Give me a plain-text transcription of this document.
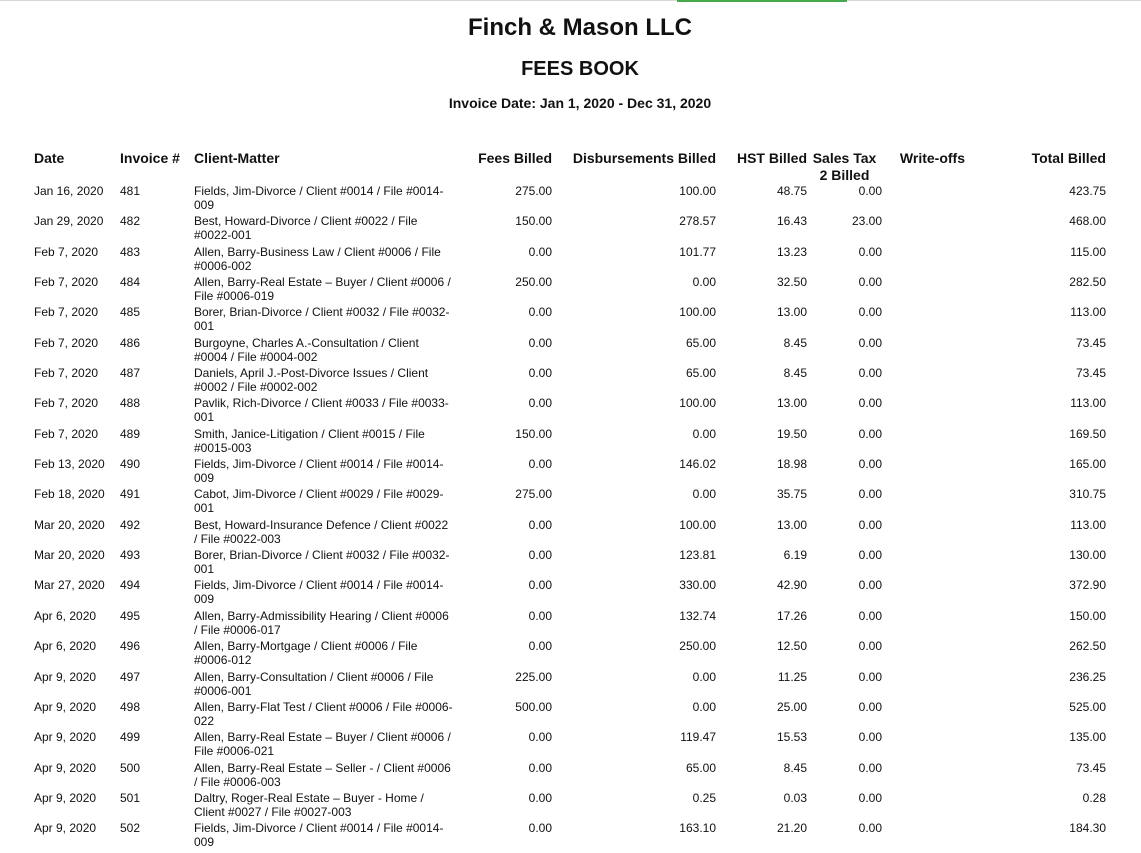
Finch & Mason LLC
FEES BOOK
Invoice Date: Jan 1, 2020 - Dec 31, 2020
Date	Invoice #	Client-Matter	Fees Billed	Disbursements Billed	HST Billed	Sales Tax 2 Billed	Write-offs	Total Billed
Jan 16, 2020	481	Fields, Jim-Divorce / Client #0014 / File #0014-009	275.00	100.00	48.75	0.00		423.75
Jan 29, 2020	482	Best, Howard-Divorce / Client #0022 / File #0022-001	150.00	278.57	16.43	23.00		468.00
Feb 7, 2020	483	Allen, Barry-Business Law / Client #0006 / File #0006-002	0.00	101.77	13.23	0.00		115.00
Feb 7, 2020	484	Allen, Barry-Real Estate – Buyer / Client #0006 / File #0006-019	250.00	0.00	32.50	0.00		282.50
Feb 7, 2020	485	Borer, Brian-Divorce / Client #0032 / File #0032-001	0.00	100.00	13.00	0.00		113.00
Feb 7, 2020	486	Burgoyne, Charles A.-Consultation / Client #0004 / File #0004-002	0.00	65.00	8.45	0.00		73.45
Feb 7, 2020	487	Daniels, April J.-Post-Divorce Issues / Client #0002 / File #0002-002	0.00	65.00	8.45	0.00		73.45
Feb 7, 2020	488	Pavlik, Rich-Divorce / Client #0033 / File #0033-001	0.00	100.00	13.00	0.00		113.00
Feb 7, 2020	489	Smith, Janice-Litigation / Client #0015 / File #0015-003	150.00	0.00	19.50	0.00		169.50
Feb 13, 2020	490	Fields, Jim-Divorce / Client #0014 / File #0014-009	0.00	146.02	18.98	0.00		165.00
Feb 18, 2020	491	Cabot, Jim-Divorce / Client #0029 / File #0029-001	275.00	0.00	35.75	0.00		310.75
Mar 20, 2020	492	Best, Howard-Insurance Defence / Client #0022 / File #0022-003	0.00	100.00	13.00	0.00		113.00
Mar 20, 2020	493	Borer, Brian-Divorce / Client #0032 / File #0032-001	0.00	123.81	6.19	0.00		130.00
Mar 27, 2020	494	Fields, Jim-Divorce / Client #0014 / File #0014-009	0.00	330.00	42.90	0.00		372.90
Apr 6, 2020	495	Allen, Barry-Admissibility Hearing / Client #0006 / File #0006-017	0.00	132.74	17.26	0.00		150.00
Apr 6, 2020	496	Allen, Barry-Mortgage / Client #0006 / File #0006-012	0.00	250.00	12.50	0.00		262.50
Apr 9, 2020	497	Allen, Barry-Consultation / Client #0006 / File #0006-001	225.00	0.00	11.25	0.00		236.25
Apr 9, 2020	498	Allen, Barry-Flat Test / Client #0006 / File #0006-022	500.00	0.00	25.00	0.00		525.00
Apr 9, 2020	499	Allen, Barry-Real Estate – Buyer / Client #0006 / File #0006-021	0.00	119.47	15.53	0.00		135.00
Apr 9, 2020	500	Allen, Barry-Real Estate – Seller - / Client #0006 / File #0006-003	0.00	65.00	8.45	0.00		73.45
Apr 9, 2020	501	Daltry, Roger-Real Estate – Buyer - Home / Client #0027 / File #0027-003	0.00	0.25	0.03	0.00		0.28
Apr 9, 2020	502	Fields, Jim-Divorce / Client #0014 / File #0014-009	0.00	163.10	21.20	0.00		184.30
